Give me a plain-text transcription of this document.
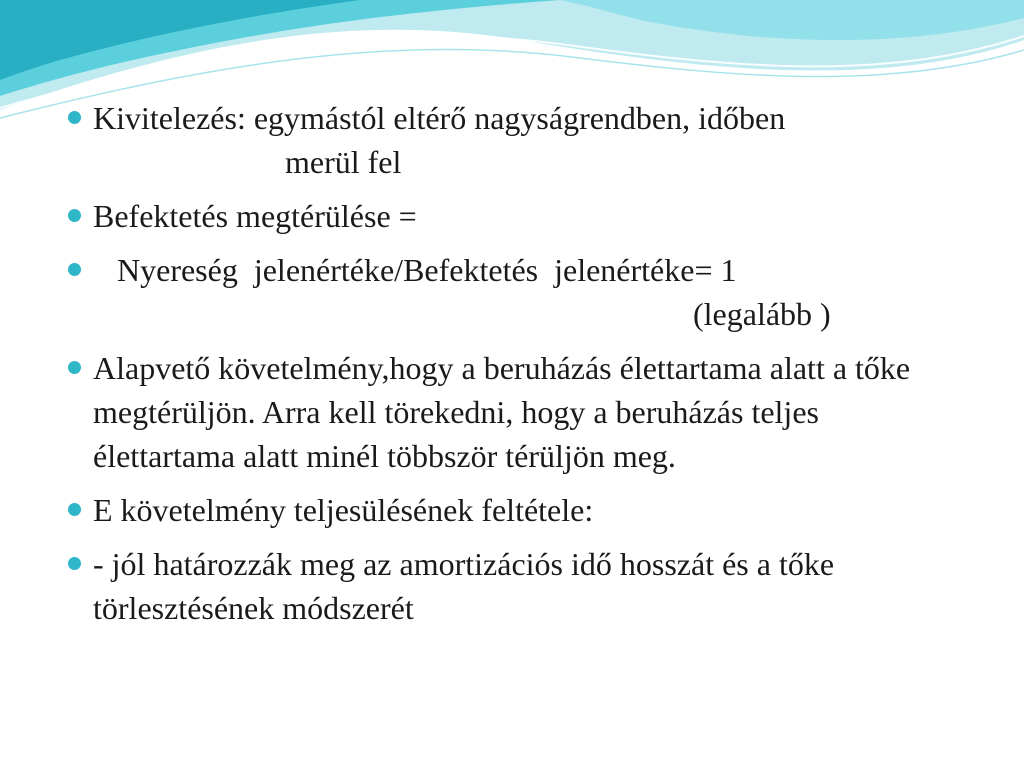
Kivitelezés: egymástól eltérő nagyságrendben, időben
merül fel
Befektetés megtérülése =
Nyereség  jelenértéke/Befektetés  jelenértéke= 1
(legalább )
Alapvető követelmény,hogy a beruházás élettartama alatt a tőke megtérüljön. Arra kell törekedni, hogy a beruházás teljes élettartama alatt minél többször térüljön meg.
E követelmény teljesülésének feltétele:
- jól határozzák meg az amortizációs idő hosszát és a tőke törlesztésének módszerét
